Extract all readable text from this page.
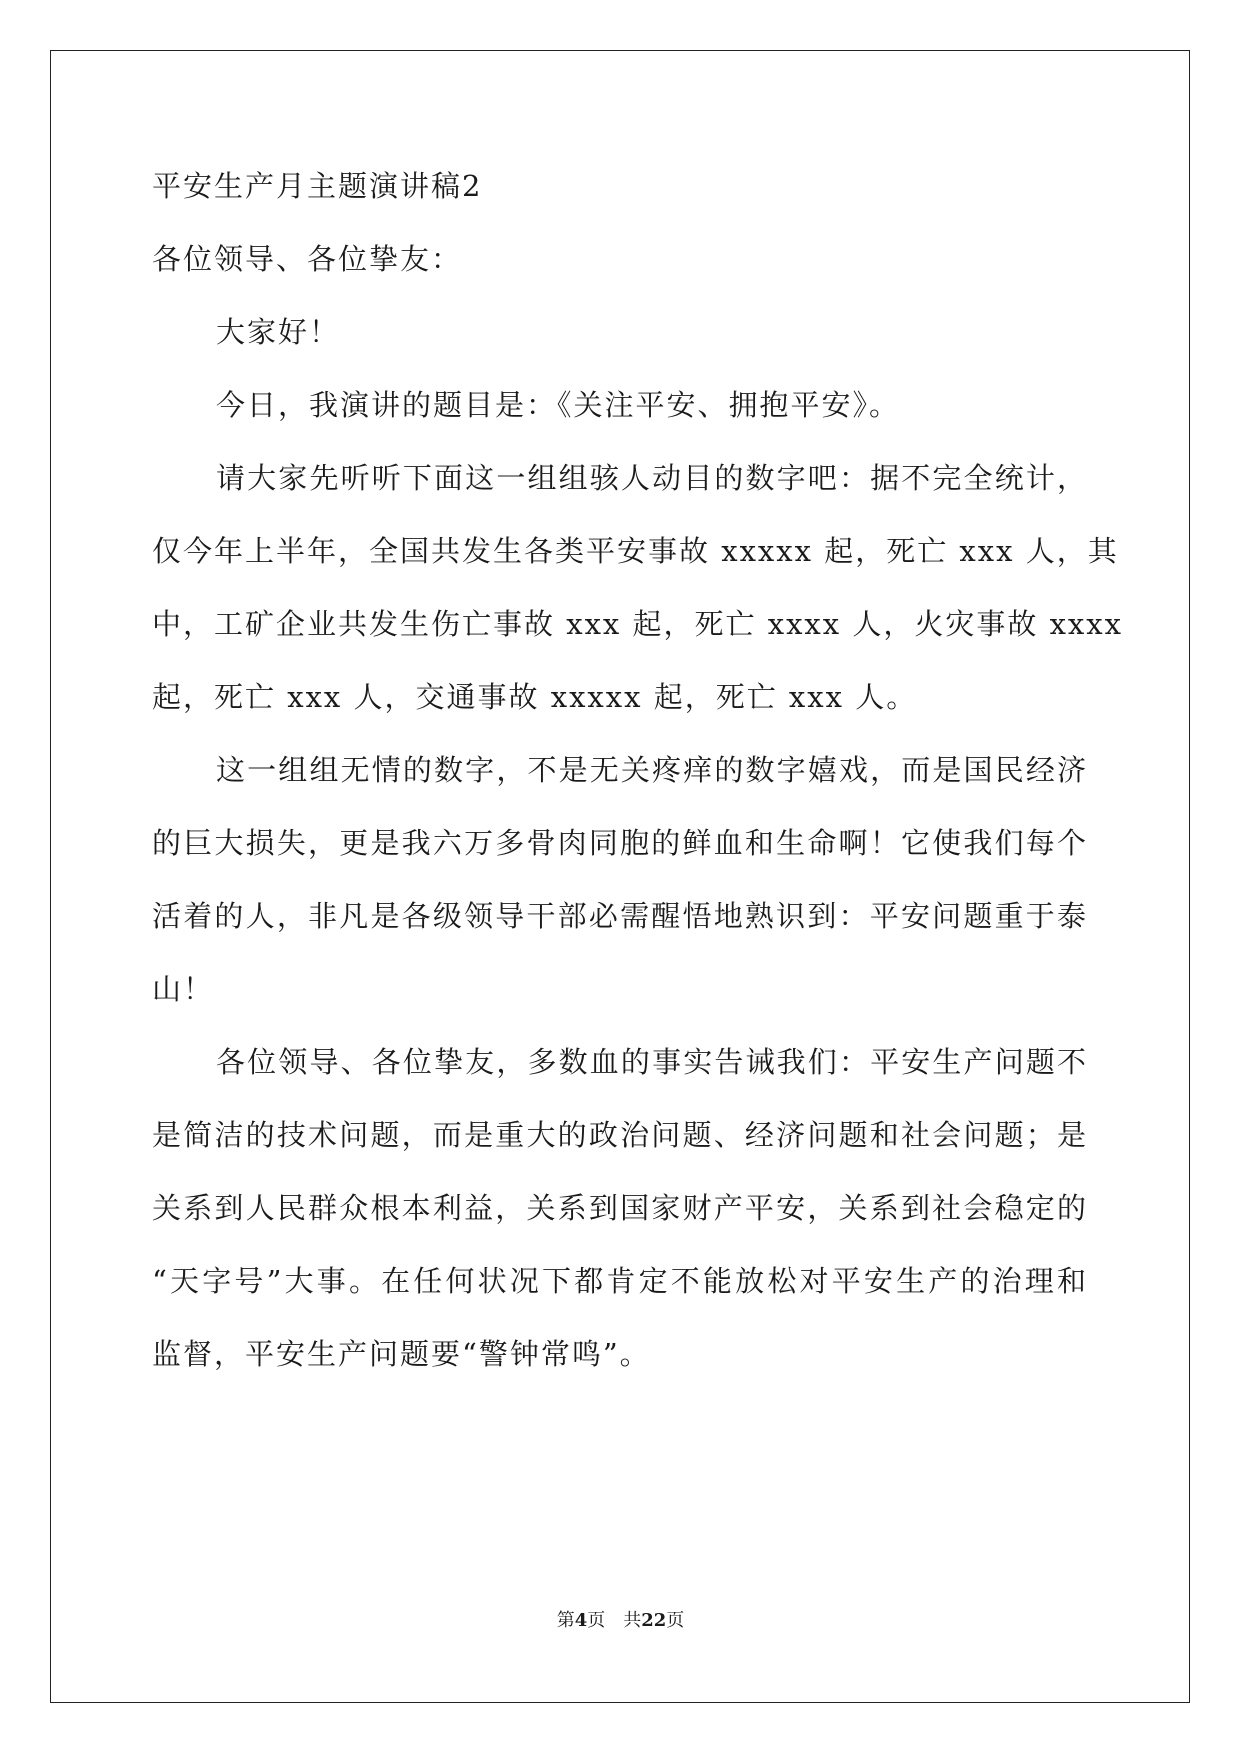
平安生产月主题演讲稿2

各位领导、各位挚友：

大家好！

今日，我演讲的题目是：《关注平安、拥抱平安》。

请大家先听听下面这一组组骇人动目的数字吧：据不完全统计，

仅今年上半年，全国共发生各类平安事故 xxxxx 起，死亡 xxx 人，其

中，工矿企业共发生伤亡事故 xxx 起，死亡 xxxx 人，火灾事故 xxxx

起，死亡 xxx 人，交通事故 xxxxx 起，死亡 xxx 人。

这一组组无情的数字，不是无关疼痒的数字嬉戏，而是国民经济

的巨大损失，更是我六万多骨肉同胞的鲜血和生命啊！它使我们每个

活着的人，非凡是各级领导干部必需醒悟地熟识到：平安问题重于泰

山！

各位领导、各位挚友，多数血的事实告诫我们：平安生产问题不

是简洁的技术问题，而是重大的政治问题、经济问题和社会问题；是

关系到人民群众根本利益，关系到国家财产平安，关系到社会稳定的

“天字号”大事。在任何状况下都肯定不能放松对平安生产的治理和

监督，平安生产问题要“警钟常鸣”。

第4页 共22页
